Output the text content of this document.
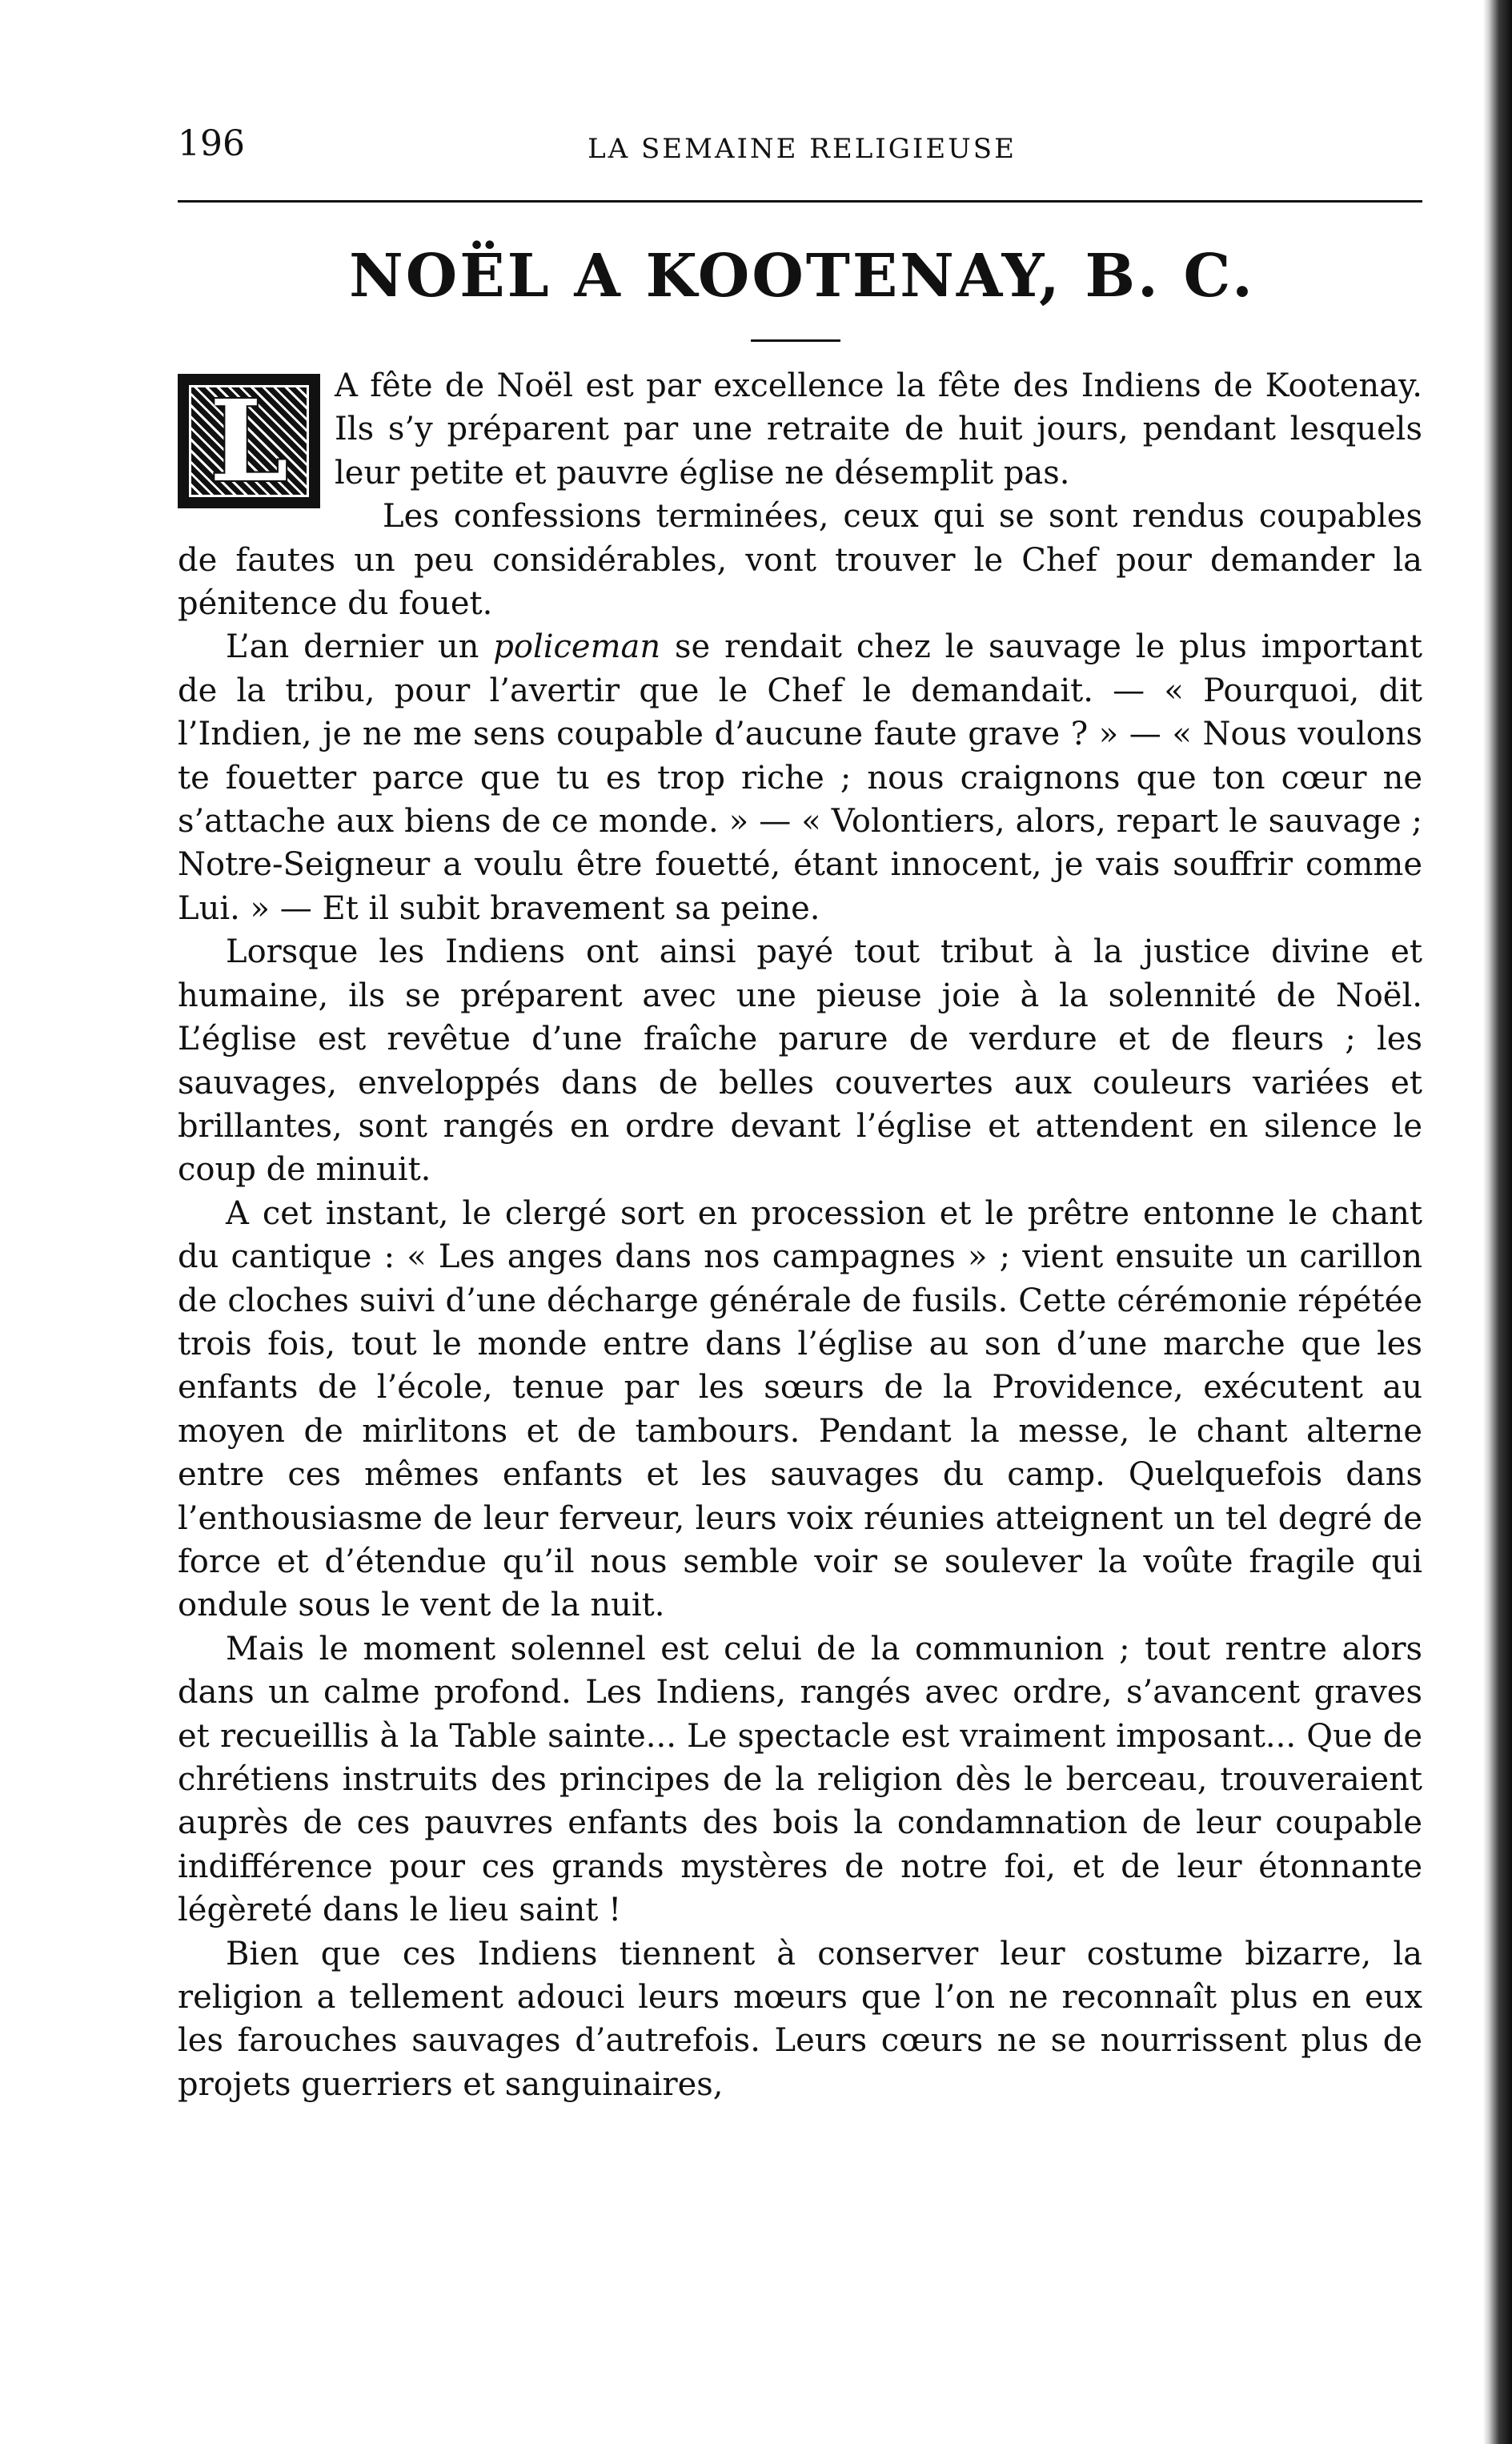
196	LA SEMAINE RELIGIEUSE
NOËL A KOOTENAY, B. C.

L	A fête de Noël est par excellence la fête des Indiens de Kootenay. Ils s’y préparent par une retraite de huit jours, pendant lesquels leur petite et pauvre église ne désemplit pas.

Les confessions terminées, ceux qui se sont rendus coupables de fautes un peu considérables, vont trouver le Chef pour demander la pénitence du fouet.

L’an dernier un policeman se rendait chez le sauvage le plus important de la tribu, pour l’avertir que le Chef le demandait. — « Pourquoi, dit l’Indien, je ne me sens coupable d’aucune faute grave ? » — « Nous voulons te fouetter parce que tu es trop riche ; nous craignons que ton cœur ne s’attache aux biens de ce monde. » — « Volontiers, alors, repart le sauvage ; Notre-Seigneur a voulu être fouetté, étant innocent, je vais souffrir comme Lui. » — Et il subit bravement sa peine.

Lorsque les Indiens ont ainsi payé tout tribut à la justice divine et humaine, ils se préparent avec une pieuse joie à la solennité de Noël. L’église est revêtue d’une fraîche parure de verdure et de fleurs ; les sauvages, enveloppés dans de belles couvertes aux couleurs variées et brillantes, sont rangés en ordre devant l’église et attendent en silence le coup de minuit.

A cet instant, le clergé sort en procession et le prêtre entonne le chant du cantique : « Les anges dans nos campagnes » ; vient ensuite un carillon de cloches suivi d’une décharge générale de fusils. Cette cérémonie répétée trois fois, tout le monde entre dans l’église au son d’une marche que les enfants de l’école, tenue par les sœurs de la Providence, exécutent au moyen de mirlitons et de tambours. Pendant la messe, le chant alterne entre ces mêmes enfants et les sauvages du camp. Quelquefois dans l’enthousiasme de leur ferveur, leurs voix réunies atteignent un tel degré de force et d’étendue qu’il nous semble voir se soulever la voûte fragile qui ondule sous le vent de la nuit.

Mais le moment solennel est celui de la communion ; tout rentre alors dans un calme profond. Les Indiens, rangés avec ordre, s’avancent graves et recueillis à la Table sainte... Le spectacle est vraiment imposant... Que de chrétiens instruits des principes de la religion dès le berceau, trouveraient auprès de ces pauvres enfants des bois la condamnation de leur coupable indifférence pour ces grands mystères de notre foi, et de leur étonnante légèreté dans le lieu saint !

Bien que ces Indiens tiennent à conserver leur costume bizarre, la religion a tellement adouci leurs mœurs que l’on ne reconnaît plus en eux les farouches sauvages d’autrefois. Leurs cœurs ne se nourrissent plus de projets guerriers et sanguinaires,
